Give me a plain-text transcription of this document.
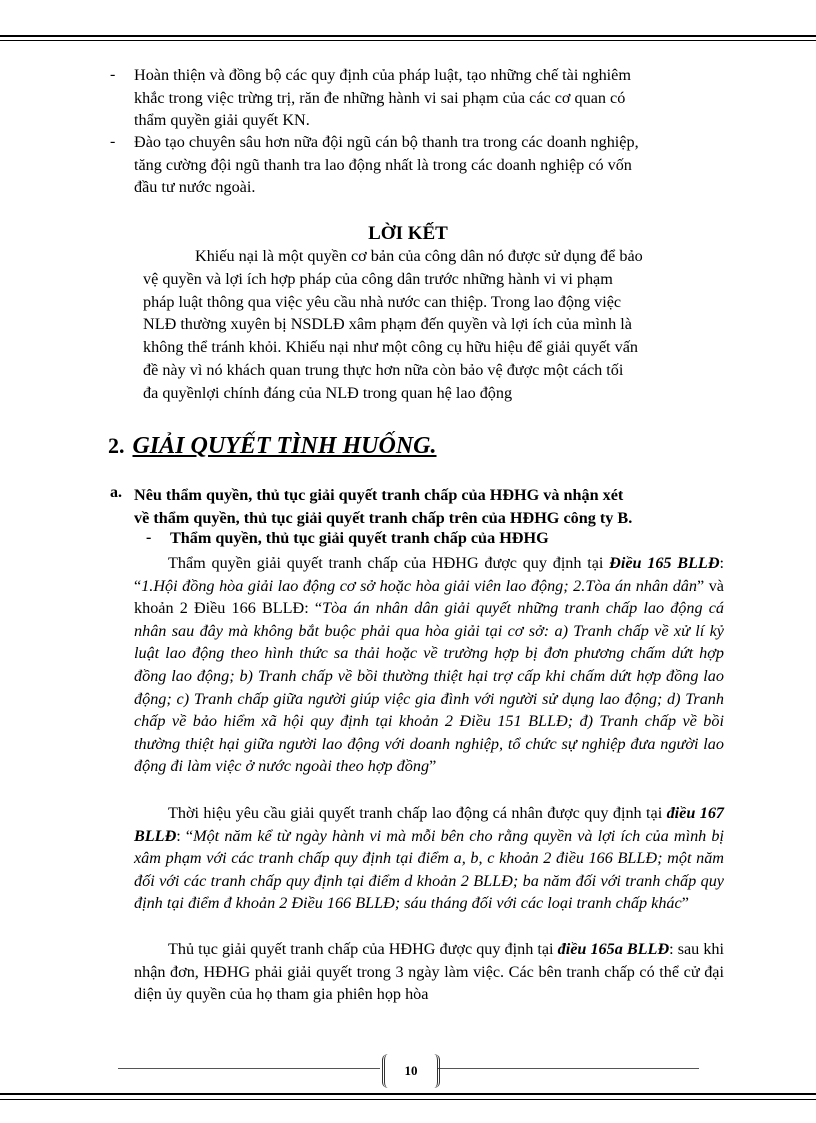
- Hoàn thiện và đồng bộ các quy định của pháp luật, tạo những chế tài nghiêm
khắc trong việc trừng trị, răn đe những hành vi sai phạm của các cơ quan có
thẩm quyền giải quyết KN.
- Đào tạo chuyên sâu hơn nữa đội ngũ cán bộ thanh tra trong các doanh nghiệp,
tăng cường đội ngũ thanh tra lao động nhất là trong các doanh nghiệp có vốn
đầu tư nước ngoài.
LỜI KẾT
Khiếu nại là một quyền cơ bản của công dân nó được sử dụng để bảo
vệ quyền và lợi ích hợp pháp của công dân trước những hành vi vi phạm
pháp luật thông qua việc yêu cầu nhà nước can thiệp. Trong lao động việc
NLĐ thường xuyên bị NSDLĐ xâm phạm đến quyền và lợi ích của mình là
không thể tránh khỏi. Khiếu nại như một công cụ hữu hiệu để giải quyết vấn
đề này vì nó khách quan trung thực hơn nữa còn bảo vệ được một cách tối
đa quyềnlợi chính đáng của NLĐ trong quan hệ lao động
2. GIẢI QUYẾT TÌNH HUỐNG.
a. Nêu thẩm quyền, thủ tục giải quyết tranh chấp của HĐHG và nhận xét
về thẩm quyền, thủ tục giải quyết tranh chấp trên của HĐHG công ty B.
- Thẩm quyền, thủ tục giải quyết tranh chấp của HĐHG

Thẩm quyền giải quyết tranh chấp của HĐHG được quy định tại Điều 165 BLLĐ: “1.Hội đồng hòa giải lao động cơ sở hoặc hòa giải viên lao động; 2.Tòa án nhân dân” và khoản 2 Điều 166 BLLĐ: “Tòa án nhân dân giải quyết những tranh chấp lao động cá nhân sau đây mà không bắt buộc phải qua hòa giải tại cơ sở: a) Tranh chấp về xử lí kỷ luật lao động theo hình thức sa thải hoặc về trường hợp bị đơn phương chấm dứt hợp đồng lao động; b) Tranh chấp về bồi thường thiệt hại trợ cấp khi chấm dứt hợp đồng lao động; c) Tranh chấp giữa người giúp việc gia đình với người sử dụng lao động; d) Tranh chấp về bảo hiểm xã hội quy định tại khoản 2 Điều 151 BLLĐ; đ) Tranh chấp về bồi thường thiệt hại giữa người lao động với doanh nghiệp, tổ chức sự nghiệp đưa người lao động đi làm việc ở nước ngoài theo hợp đồng”

Thời hiệu yêu cầu giải quyết tranh chấp lao động cá nhân được quy định tại điều 167 BLLĐ: “Một năm kể từ ngày hành vi mà mỗi bên cho rằng quyền và lợi ích của mình bị xâm phạm với các tranh chấp quy định tại điểm a, b, c khoản 2 điều 166 BLLĐ; một năm đối với các tranh chấp quy định tại điểm d khoản 2 BLLĐ; ba năm đối với tranh chấp quy định tại điểm đ khoản 2 Điều 166 BLLĐ; sáu tháng đối với các loại tranh chấp khác”

Thủ tục giải quyết tranh chấp của HĐHG được quy định tại điều 165a BLLĐ: sau khi nhận đơn, HĐHG phải giải quyết trong 3 ngày làm việc. Các bên tranh chấp có thể cử đại diện ủy quyền của họ tham gia phiên họp hòa

10
